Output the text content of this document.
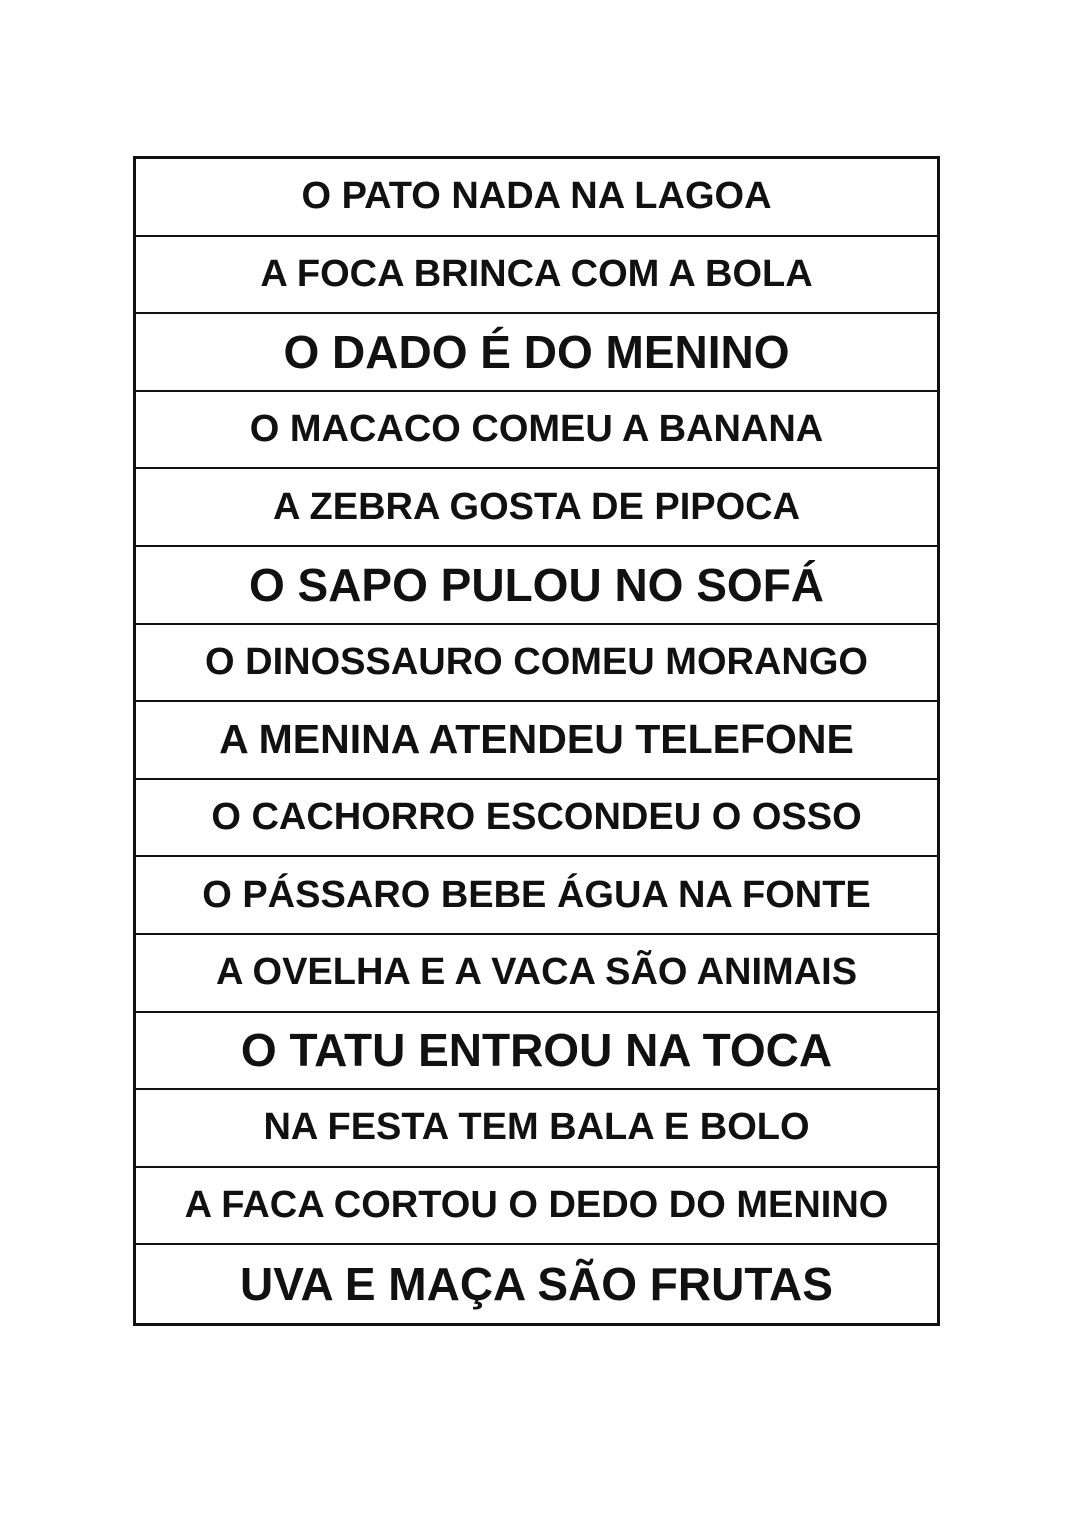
O PATO NADA NA LAGOA
A FOCA BRINCA COM A BOLA
O DADO É DO MENINO
O MACACO COMEU A BANANA
A ZEBRA GOSTA DE PIPOCA
O SAPO PULOU NO SOFÁ
O DINOSSAURO COMEU MORANGO
A MENINA ATENDEU TELEFONE
O CACHORRO ESCONDEU O OSSO
O PÁSSARO BEBE ÁGUA NA FONTE
A OVELHA E A VACA SÃO ANIMAIS
O TATU ENTROU NA TOCA
NA FESTA TEM BALA E BOLO
A FACA CORTOU O DEDO DO MENINO
UVA E MAÇA SÃO FRUTAS
